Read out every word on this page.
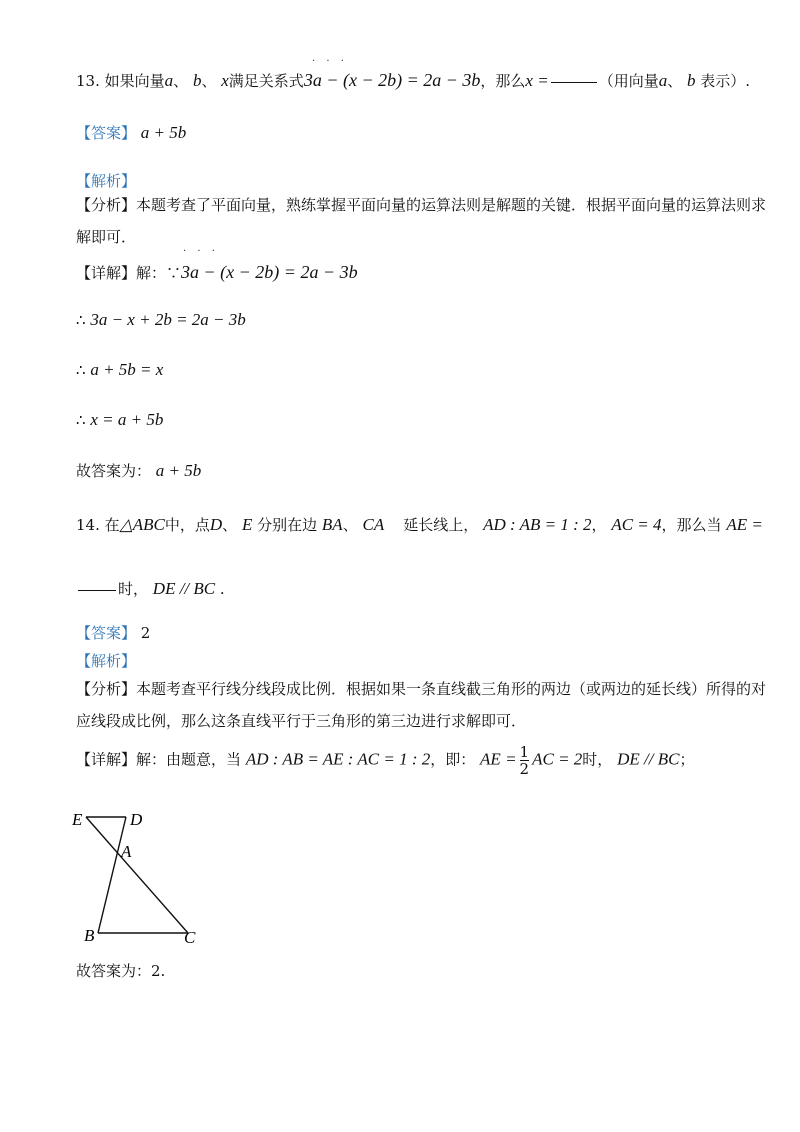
13. 如果向量a、 b、 x满足关系式3a − (x − 2b) = 2a − 3b，那么x =	（用向量a、 b 表示）.
· · ·
【答案】 a + 5b
【解析】
【分析】本题考查了平面向量，熟练掌握平面向量的运算法则是解题的关键．根据平面向量的运算法则求
解即可．
【详解】解：∵3a − (x − 2b) = 2a − 3b
· · ·
∴ 3a − x + 2b = 2a − 3b
∴ a + 5b = x
∴ x = a + 5b
故答案为： a + 5b
14. 在△ABC中，点D、 E 分别在边 BA、 CA 延长线上， AD : AB = 1 : 2， AC = 4，那么当 AE =
时， DE // BC .
【答案】 2
【解析】
【分析】本题考查平行线分线段成比例．根据如果一条直线截三角形的两边（或两边的延长线）所得的对
应线段成比例，那么这条直线平行于三角形的第三边进行求解即可．
【详解】解：由题意，当 AD : AB = AE : AC = 1 : 2，即： AE = $\frac{1}{2}$ AC = 2时， DE // BC；
E	D
A
B	C
故答案为：2.
